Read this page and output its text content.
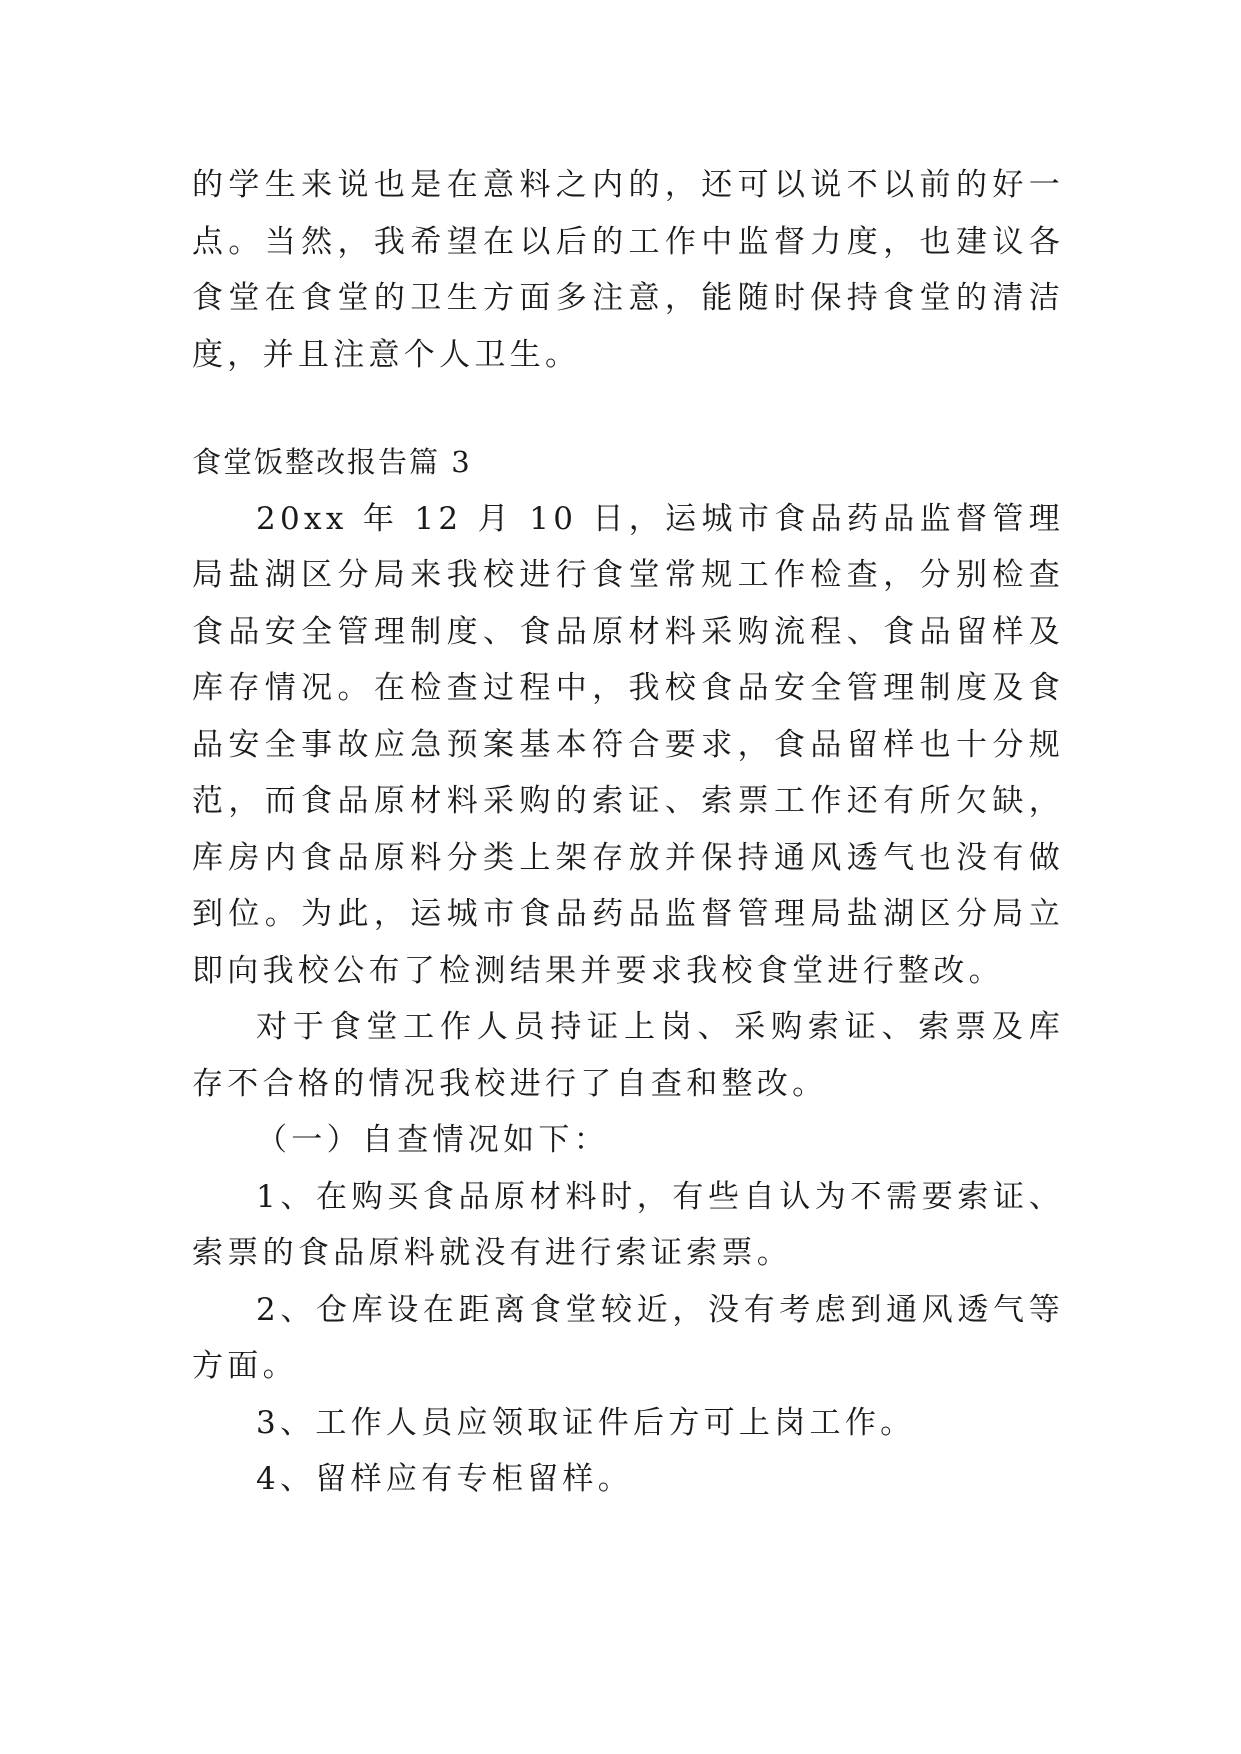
的学生来说也是在意料之内的，还可以说不以前的好一点。当然，我希望在以后的工作中监督力度，也建议各食堂在食堂的卫生方面多注意，能随时保持食堂的清洁度，并且注意个人卫生。

食堂饭整改报告篇 3

20xx 年 12 月 10 日，运城市食品药品监督管理局盐湖区分局来我校进行食堂常规工作检查，分别检查食品安全管理制度、食品原材料采购流程、食品留样及库存情况。在检查过程中，我校食品安全管理制度及食品安全事故应急预案基本符合要求，食品留样也十分规范，而食品原材料采购的索证、索票工作还有所欠缺，库房内食品原料分类上架存放并保持通风透气也没有做到位。为此，运城市食品药品监督管理局盐湖区分局立即向我校公布了检测结果并要求我校食堂进行整改。

对于食堂工作人员持证上岗、采购索证、索票及库存不合格的情况我校进行了自查和整改。

（一）自查情况如下：

1、在购买食品原材料时，有些自认为不需要索证、索票的食品原料就没有进行索证索票。

2、仓库设在距离食堂较近，没有考虑到通风透气等方面。

3、工作人员应领取证件后方可上岗工作。

4、留样应有专柜留样。
